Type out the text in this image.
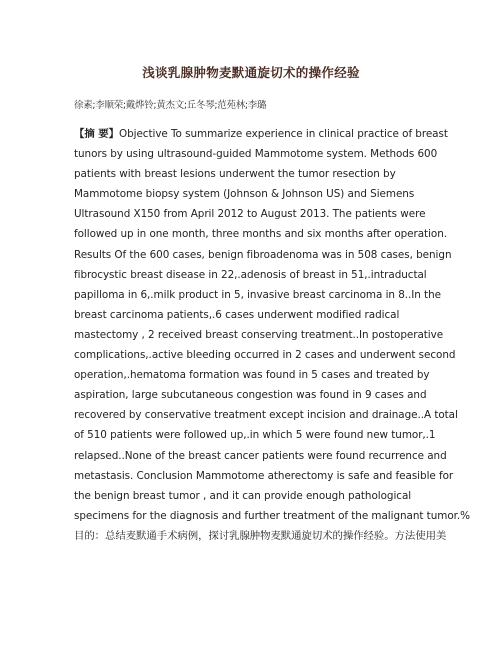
浅谈乳腺肿物麦默通旋切术的操作经验
徐素;李顺荣;戴烨铃;黄杰文;丘冬琴;范苑林;李璐
【摘 要】Objective To summarize experience in clinical practice of breast
tunors by using ultrasound-guided Mammotome system. Methods 600
patients with breast lesions underwent the tumor resection by
Mammotome biopsy system (Johnson & Johnson US) and Siemens
Ultrasound X150 from April 2012 to August 2013. The patients were
followed up in one month, three months and six months after operation.
Results Of the 600 cases, benign fibroadenoma was in 508 cases, benign
fibrocystic breast disease in 22,.adenosis of breast in 51,.intraductal
papilloma in 6,.milk product in 5, invasive breast carcinoma in 8..In the
breast carcinoma patients,.6 cases underwent modified radical
mastectomy , 2 received breast conserving treatment..In postoperative
complications,.active bleeding occurred in 2 cases and underwent second
operation,.hematoma formation was found in 5 cases and treated by
aspiration, large subcutaneous congestion was found in 9 cases and
recovered by conservative treatment except incision and drainage..A total
of 510 patients were followed up,.in which 5 were found new tumor,.1
relapsed..None of the breast cancer patients were found recurrence and
metastasis. Conclusion Mammotome atherectomy is safe and feasible for
the benign breast tumor , and it can provide enough pathological
specimens for the diagnosis and further treatment of the malignant tumor.%
目的：总结麦默通手术病例，探讨乳腺肿物麦默通旋切术的操作经验。方法使用美
